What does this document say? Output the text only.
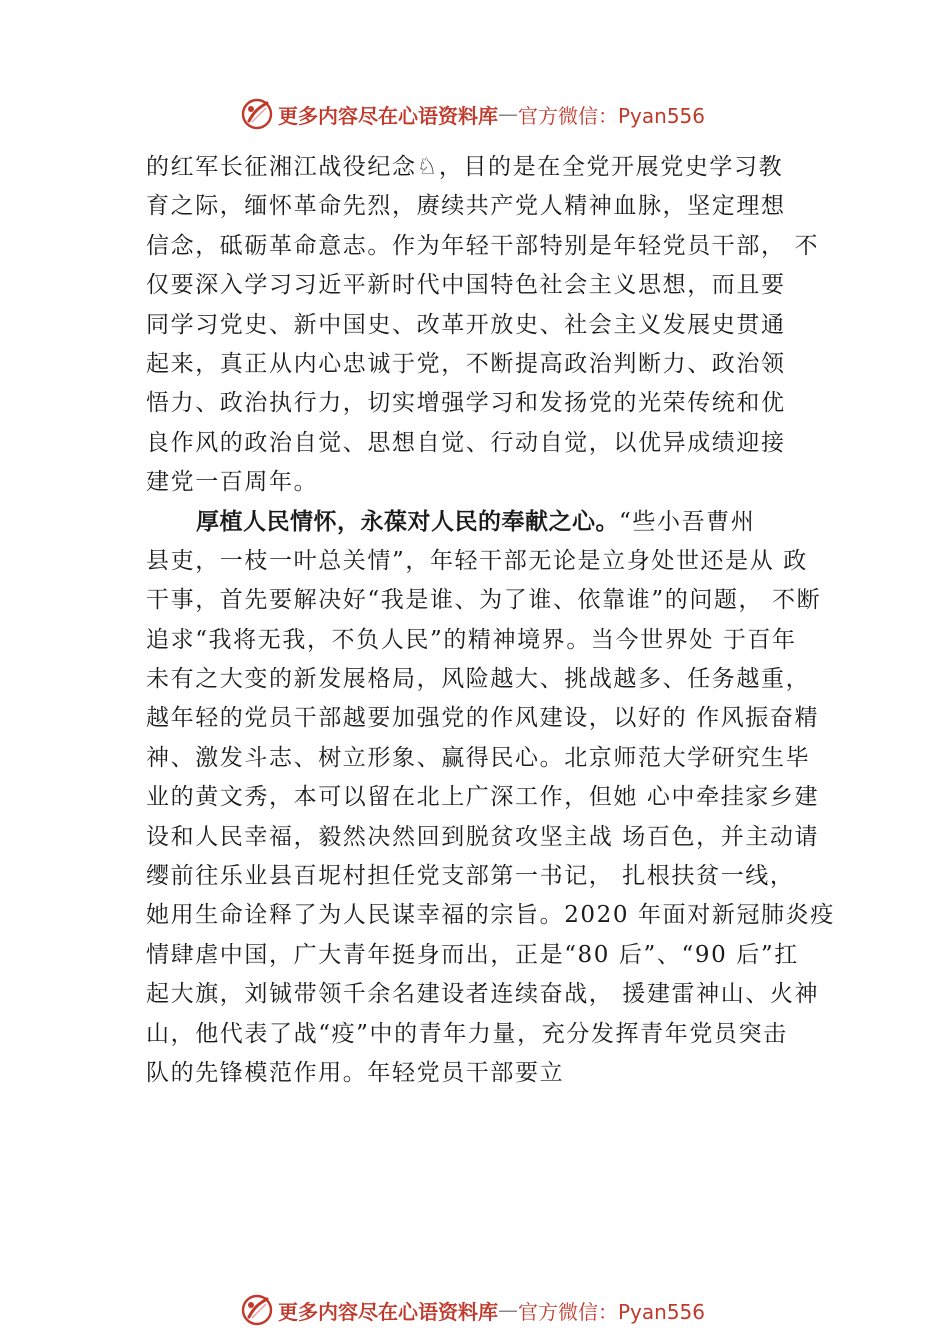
更多内容尽在心语资料库 — 官方微信：Pyan556
的红军长征湘江战役纪念♘，目的是在全党开展党史学习教
育之际，缅怀革命先烈，赓续共产党人精神血脉，坚定理想
信念，砥砺革命意志。作为年轻干部特别是年轻党员干部， 不
仅要深入学习习近平新时代中国特色社会主义思想，而且要
同学习党史、新中国史、改革开放史、社会主义发展史贯通
起来，真正从内心忠诚于党，不断提高政治判断力、政治领
悟力、政治执行力，切实增强学习和发扬党的光荣传统和优
良作风的政治自觉、思想自觉、行动自觉，以优异成绩迎接
建党一百周年。
厚植人民情怀，永葆对人民的奉献之心。“些小吾曹州
县吏，一枝一叶总关情”，年轻干部无论是立身处世还是从 政
干事，首先要解决好“我是谁、为了谁、依靠谁”的问题， 不断
追求“我将无我，不负人民”的精神境界。当今世界处 于百年
未有之大变的新发展格局，风险越大、挑战越多、任务越重，
越年轻的党员干部越要加强党的作风建设，以好的 作风振奋精
神、激发斗志、树立形象、赢得民心。北京师范大学研究生毕
业的黄文秀，本可以留在北上广深工作，但她 心中牵挂家乡建
设和人民幸福，毅然决然回到脱贫攻坚主战 场百色，并主动请
缨前往乐业县百坭村担任党支部第一书记， 扎根扶贫一线，
她用生命诠释了为人民谋幸福的宗旨。2020 年面对新冠肺炎疫
情肆虐中国，广大青年挺身而出，正是“80 后”、“90 后”扛
起大旗，刘铖带领千余名建设者连续奋战， 援建雷神山、火神
山，他代表了战“疫”中的青年力量，充分发挥青年党员突击
队的先锋模范作用。年轻党员干部要立
更多内容尽在心语资料库 — 官方微信：Pyan556
